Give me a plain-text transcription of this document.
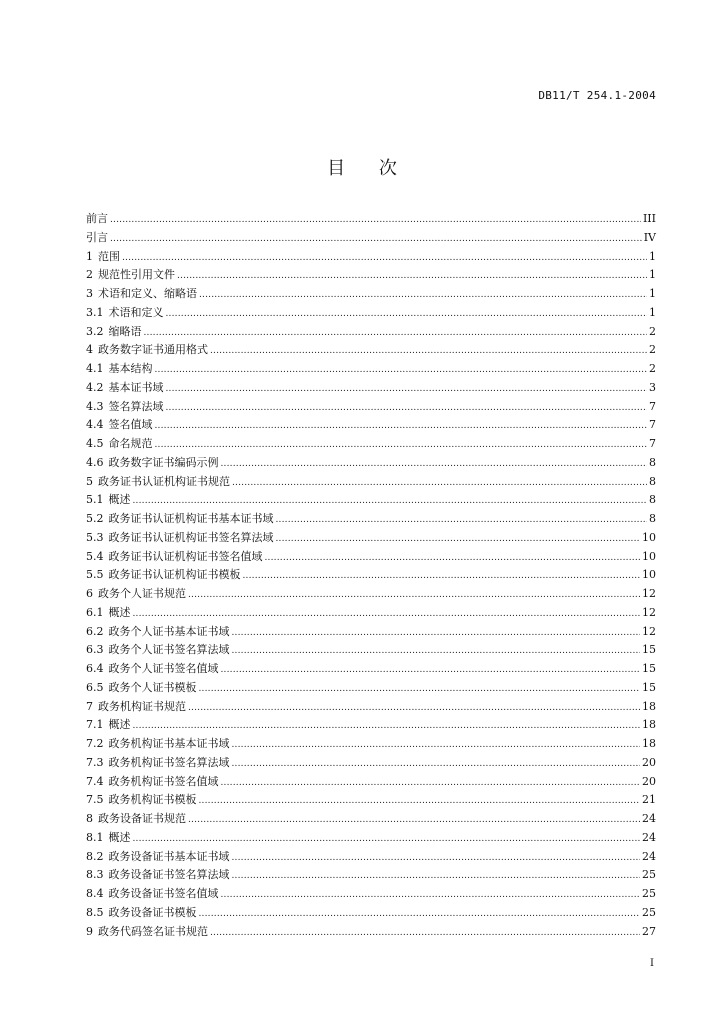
DB11/T 254.1-2004
目 次
前言 .....	III
引言 .....	IV
1 范围 .....	1
2 规范性引用文件 .....	1
3 术语和定义、缩略语 .....	1
3.1 术语和定义 .....	1
3.2 缩略语 .....	2
4 政务数字证书通用格式 .....	2
4.1 基本结构 .....	2
4.2 基本证书域 .....	3
4.3 签名算法域 .....	7
4.4 签名值域 .....	7
4.5 命名规范 .....	7
4.6 政务数字证书编码示例 .....	8
5 政务证书认证机构证书规范 .....	8
5.1 概述 .....	8
5.2 政务证书认证机构证书基本证书域 .....	8
5.3 政务证书认证机构证书签名算法域 .....	10
5.4 政务证书认证机构证书签名值域 .....	10
5.5 政务证书认证机构证书模板 .....	10
6 政务个人证书规范 .....	12
6.1 概述 .....	12
6.2 政务个人证书基本证书域 .....	12
6.3 政务个人证书签名算法域 .....	15
6.4 政务个人证书签名值域 .....	15
6.5 政务个人证书模板 .....	15
7 政务机构证书规范 .....	18
7.1 概述 .....	18
7.2 政务机构证书基本证书域 .....	18
7.3 政务机构证书签名算法域 .....	20
7.4 政务机构证书签名值域 .....	20
7.5 政务机构证书模板 .....	21
8 政务设备证书规范 .....	24
8.1 概述 .....	24
8.2 政务设备证书基本证书域 .....	24
8.3 政务设备证书签名算法域 .....	25
8.4 政务设备证书签名值域 .....	25
8.5 政务设备证书模板 .....	25
9 政务代码签名证书规范 .....	27
I
